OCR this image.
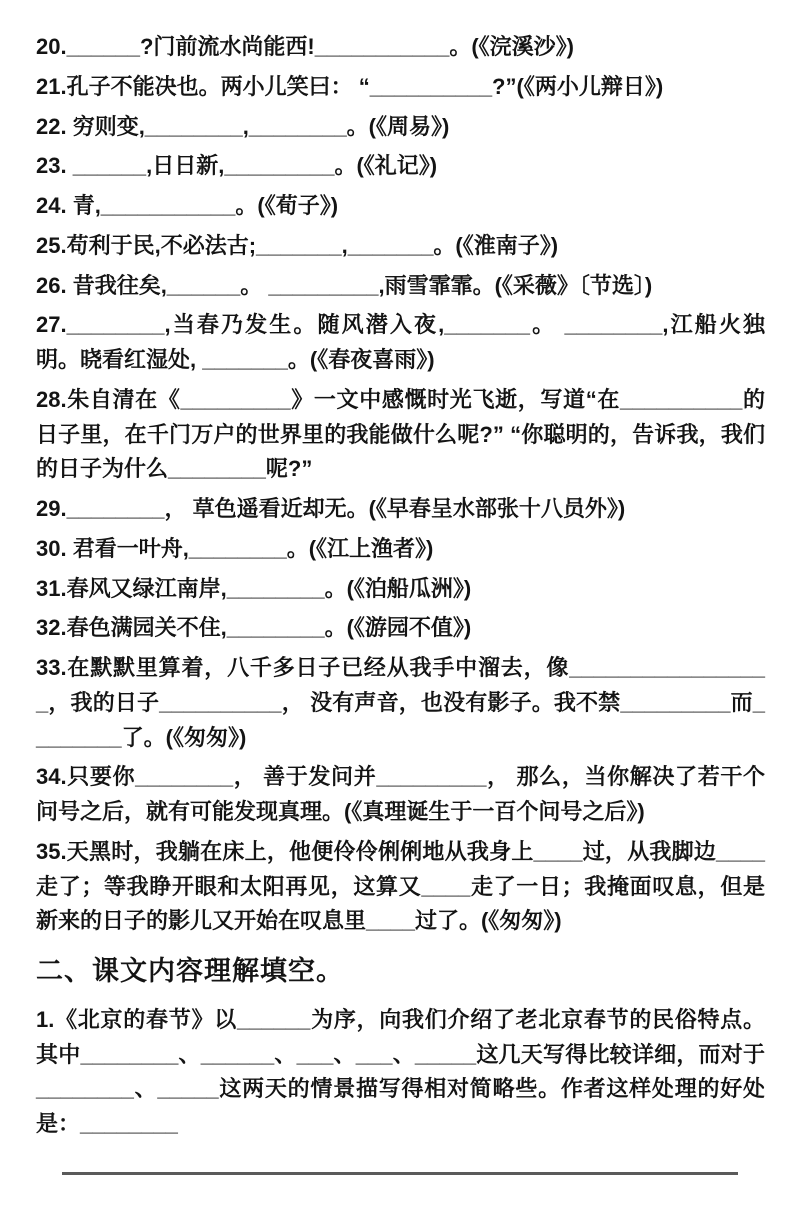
20.______?门前流水尚能西!___________。(《浣溪沙》)

21.孔子不能决也。两小儿笑曰： “__________?”(《两小儿辩日》)

22. 穷则变,________,________。(《周易》)

23. ______,日日新,_________。(《礼记》)

24. 青,___________。(《荀子》)

25.苟利于民,不必法古;_______,_______。(《淮南子》)

26. 昔我往矣,______。 _________,雨雪霏霏。(《采薇》〔节选〕)

27.________,当春乃发生。随风潜入夜,_______。 ________,江船火独明。晓看红湿处, _______。(《春夜喜雨》)

28.朱自清在《_________》一文中感慨时光飞逝，写道“在__________的日子里，在千门万户的世界里的我能做什么呢?” “你聪明的，告诉我，我们的日子为什么________呢?”

29.________， 草色遥看近却无。(《早春呈水部张十八员外》)

30. 君看一叶舟,________。(《江上渔者》)

31.春风又绿江南岸,________。(《泊船瓜洲》)

32.春色满园关不住,________。(《游园不值》)

33.在默默里算着，八千多日子已经从我手中溜去，像_________________，我的日子__________， 没有声音，也没有影子。我不禁_________而________了。(《匆匆》)

34.只要你________， 善于发问并_________， 那么，当你解决了若干个问号之后，就有可能发现真理。(《真理诞生于一百个问号之后》)

35.天黑时，我躺在床上，他便伶伶俐俐地从我身上____过，从我脚边____走了；等我睁开眼和太阳再见，这算又____走了一日；我掩面叹息，但是新来的日子的影儿又开始在叹息里____过了。(《匆匆》)

二、课文内容理解填空。

1.《北京的春节》以______为序，向我们介绍了老北京春节的民俗特点。其中________、______、___、___、_____这几天写得比较详细，而对于________、_____这两天的情景描写得相对简略些。作者这样处理的好处是：________
